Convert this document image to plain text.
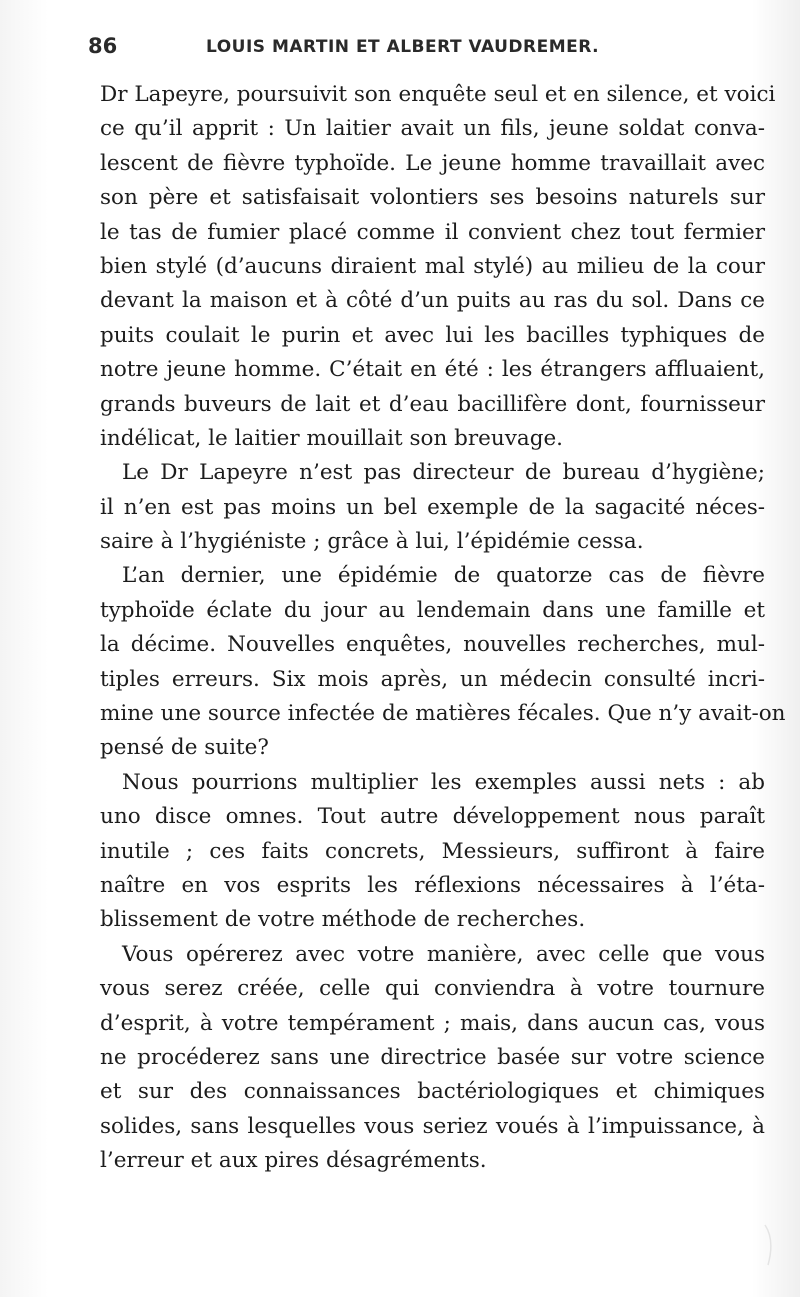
86	LOUIS MARTIN ET ALBERT VAUDREMER.
Dr Lapeyre, poursuivit son enquête seul et en silence, et voici
ce qu’il apprit : Un laitier avait un fils, jeune soldat conva-
lescent de fièvre typhoïde. Le jeune homme travaillait avec
son père et satisfaisait volontiers ses besoins naturels sur
le tas de fumier placé comme il convient chez tout fermier
bien stylé (d’aucuns diraient mal stylé) au milieu de la cour
devant la maison et à côté d’un puits au ras du sol. Dans ce
puits coulait le purin et avec lui les bacilles typhiques de
notre jeune homme. C’était en été : les étrangers affluaient,
grands buveurs de lait et d’eau bacillifère dont, fournisseur
indélicat, le laitier mouillait son breuvage.
Le Dr Lapeyre n’est pas directeur de bureau d’hygiène;
il n’en est pas moins un bel exemple de la sagacité néces-
saire à l’hygiéniste ; grâce à lui, l’épidémie cessa.
L’an dernier, une épidémie de quatorze cas de fièvre
typhoïde éclate du jour au lendemain dans une famille et
la décime. Nouvelles enquêtes, nouvelles recherches, mul-
tiples erreurs. Six mois après, un médecin consulté incri-
mine une source infectée de matières fécales. Que n’y avait-on
pensé de suite?
Nous pourrions multiplier les exemples aussi nets : ab
uno disce omnes. Tout autre développement nous paraît
inutile ; ces faits concrets, Messieurs, suffiront à faire
naître en vos esprits les réflexions nécessaires à l’éta-
blissement de votre méthode de recherches.
Vous opérerez avec votre manière, avec celle que vous
vous serez créée, celle qui conviendra à votre tournure
d’esprit, à votre tempérament ; mais, dans aucun cas, vous
ne procéderez sans une directrice basée sur votre science
et sur des connaissances bactériologiques et chimiques
solides, sans lesquelles vous seriez voués à l’impuissance, à
l’erreur et aux pires désagréments.
